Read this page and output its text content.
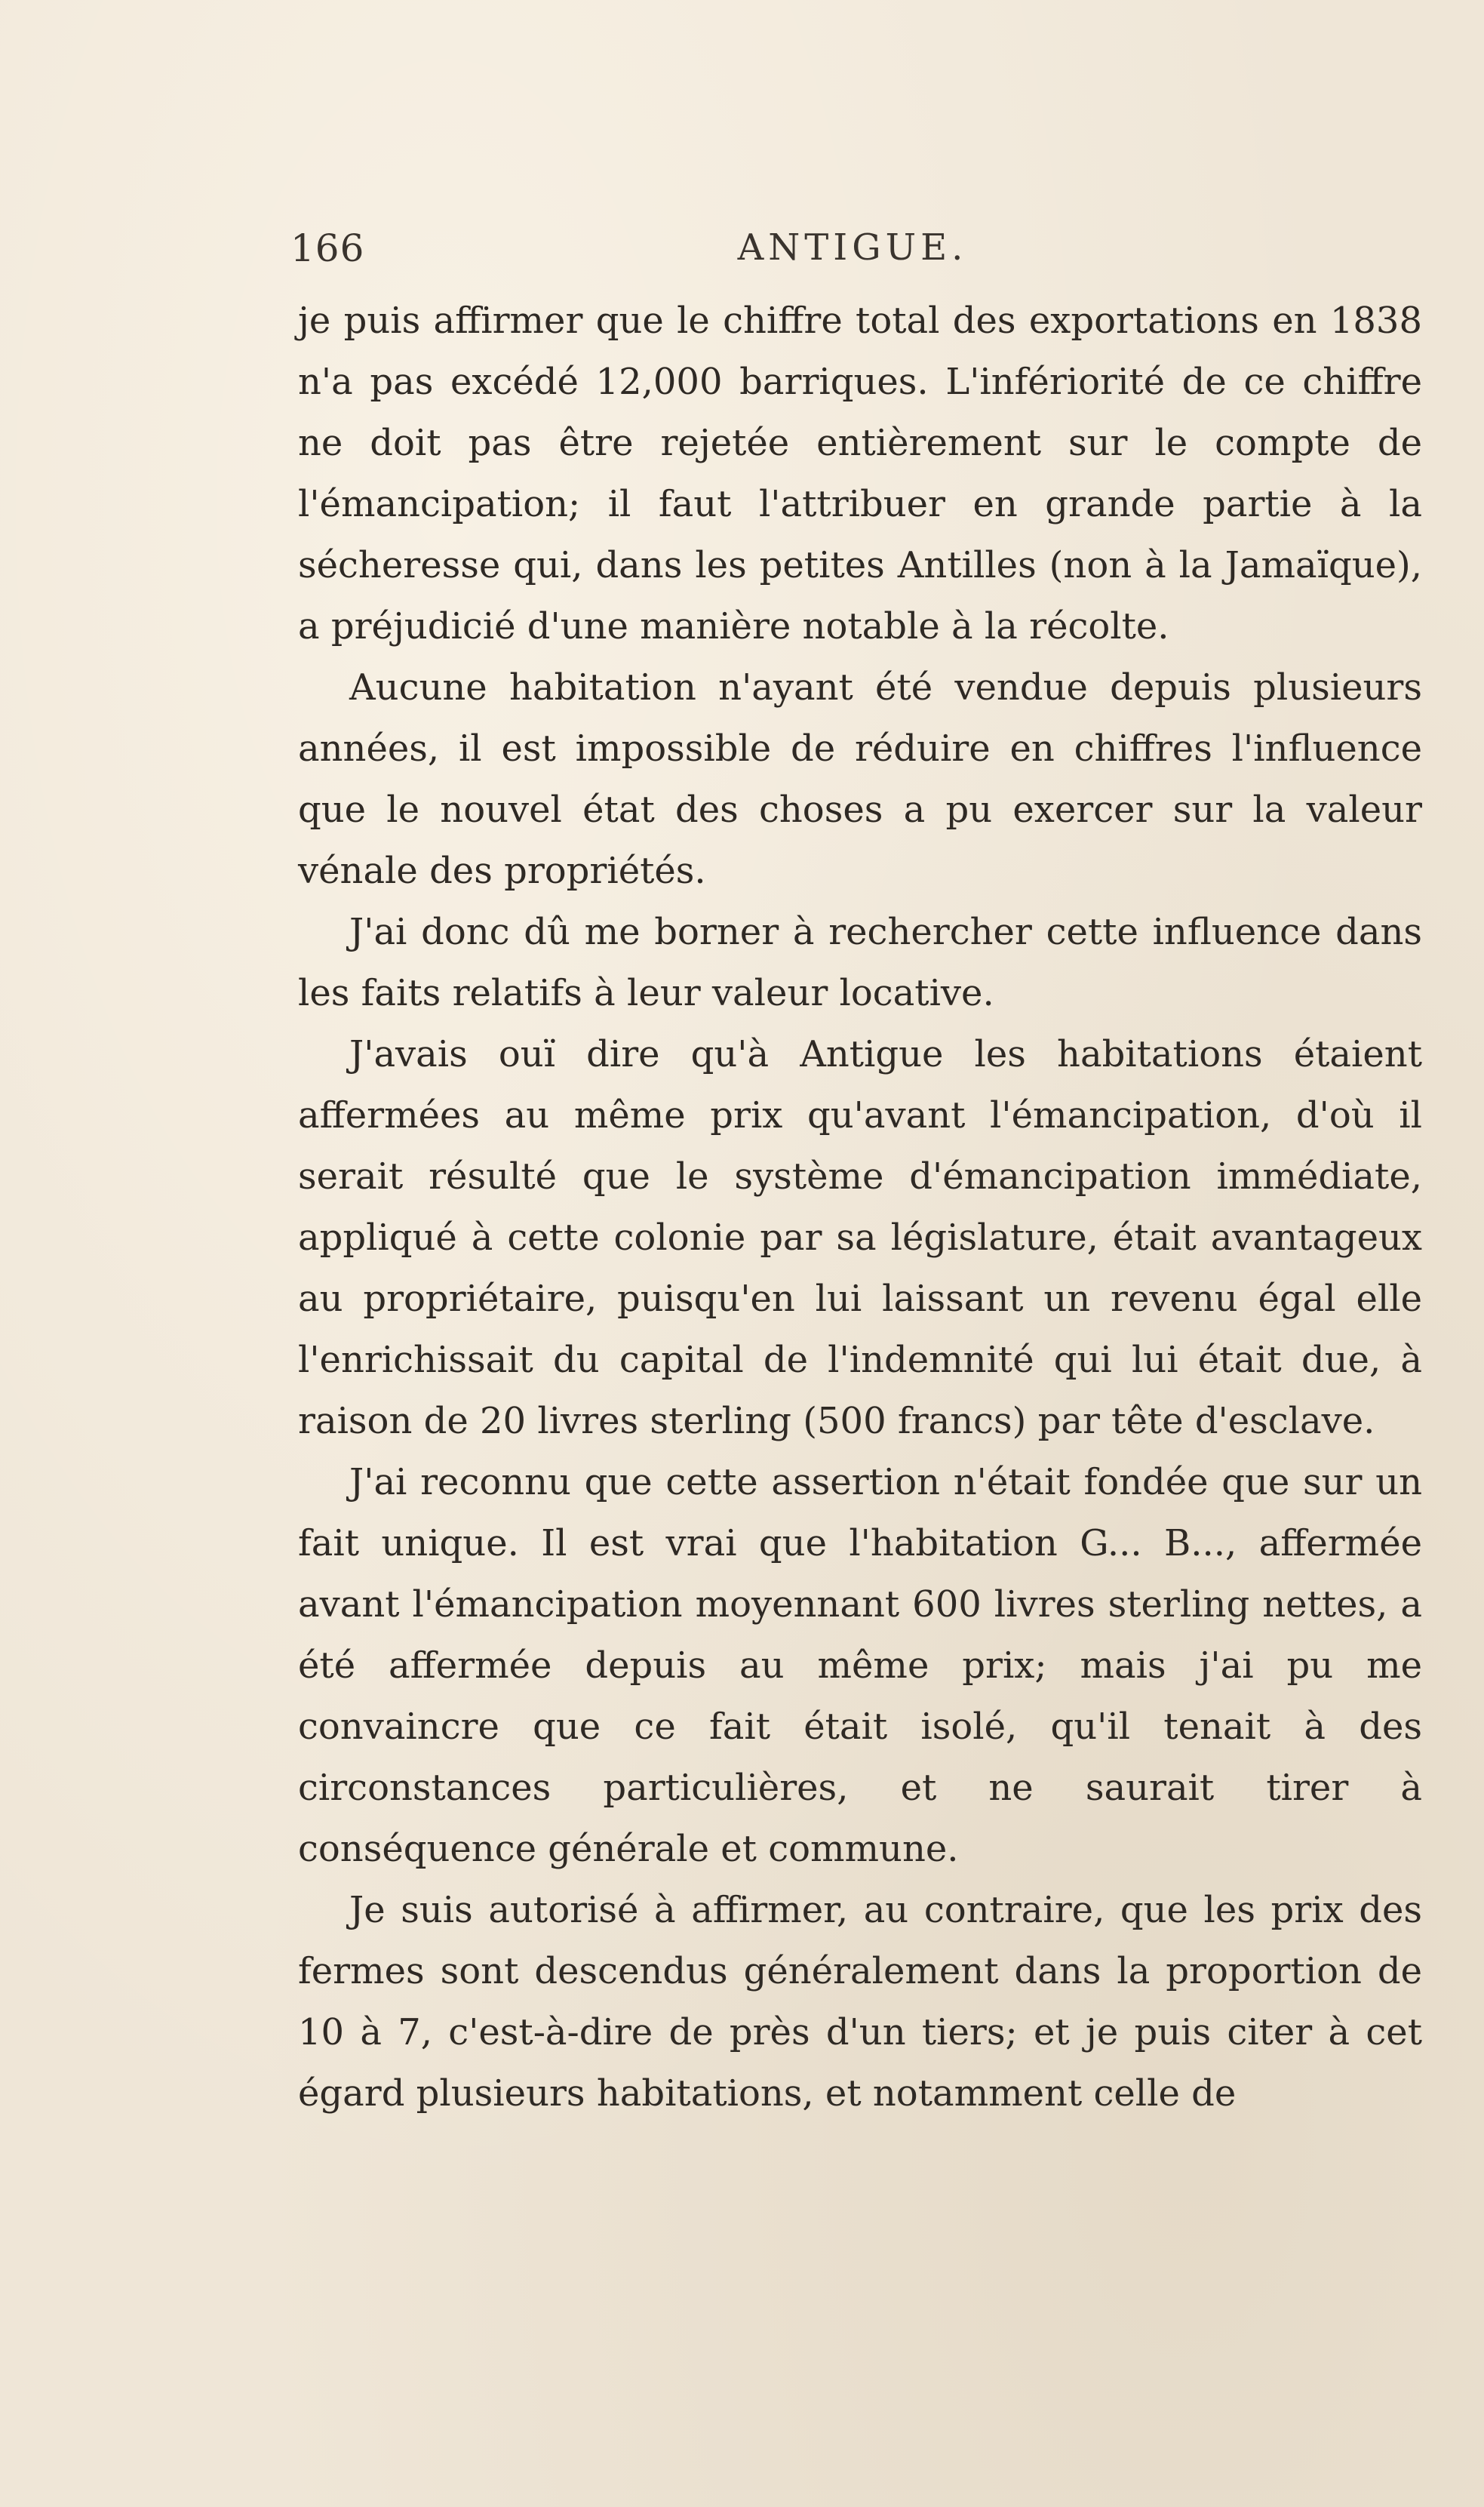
166	ANTIGUE.

je puis affirmer que le chiffre total des exportations en 1838 n'a pas excédé 12,000 barriques. L'infériorité de ce chiffre ne doit pas être rejetée entièrement sur le compte de l'émancipation; il faut l'attribuer en grande partie à la sécheresse qui, dans les petites Antilles (non à la Jamaïque), a préjudicié d'une manière notable à la récolte.

Aucune habitation n'ayant été vendue depuis plusieurs années, il est impossible de réduire en chiffres l'influence que le nouvel état des choses a pu exercer sur la valeur vénale des propriétés.

J'ai donc dû me borner à rechercher cette influence dans les faits relatifs à leur valeur locative.

J'avais ouï dire qu'à Antigue les habitations étaient affermées au même prix qu'avant l'émancipation, d'où il serait résulté que le système d'émancipation immédiate, appliqué à cette colonie par sa législature, était avantageux au propriétaire, puisqu'en lui laissant un revenu égal elle l'enrichissait du capital de l'indemnité qui lui était due, à raison de 20 livres sterling (500 francs) par tête d'esclave.

J'ai reconnu que cette assertion n'était fondée que sur un fait unique. Il est vrai que l'habitation G... B..., affermée avant l'émancipation moyennant 600 livres sterling nettes, a été affermée depuis au même prix; mais j'ai pu me convaincre que ce fait était isolé, qu'il tenait à des circonstances particulières, et ne saurait tirer à conséquence générale et commune.

Je suis autorisé à affirmer, au contraire, que les prix des fermes sont descendus généralement dans la proportion de 10 à 7, c'est-à-dire de près d'un tiers; et je puis citer à cet égard plusieurs habitations, et notamment celle de
